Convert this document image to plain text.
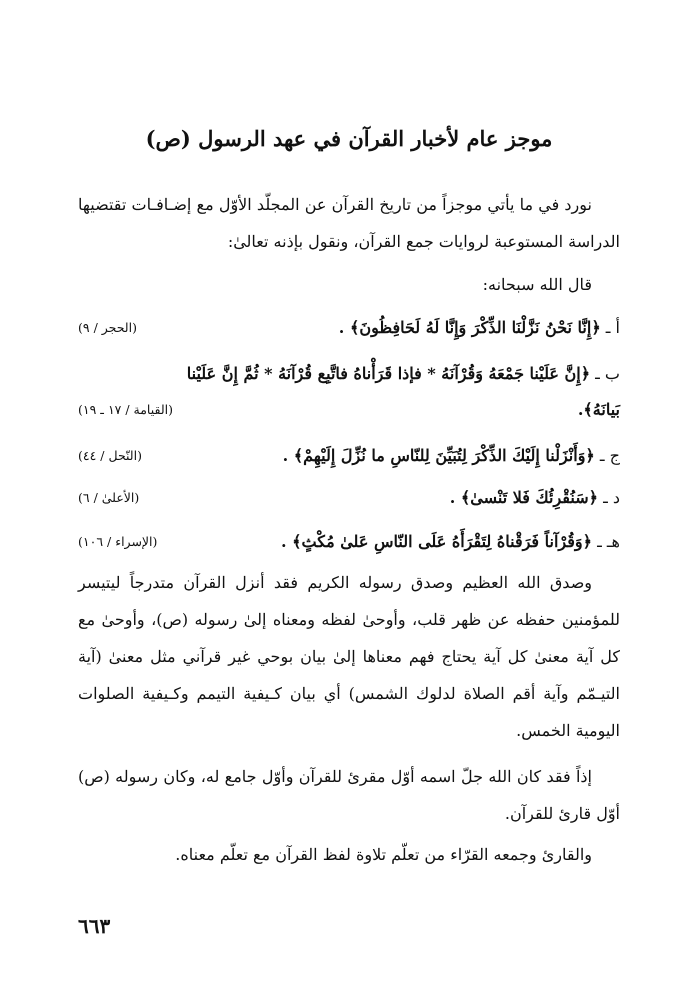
موجز عام لأخبار القرآن في عهد الرسول (ص)
نورد في ما يأتي موجزاً من تاريخ القرآن عن المجلّد الأوّل مع إضـافـات تقتضيها الدراسة المستوعبة لروايات جمع القرآن، ونقول بإذنه تعالىٰ:
قال الله سبحانه:
أ ـ ﴿إِنَّا نَحْنُ نَزَّلْنَا الذِّكْرَ وَإِنَّا لَهُ لَحَافِظُونَ﴾ .
(الحجر / ٩)
ب ـ ﴿إِنَّ عَلَيْنا جَمْعَهُ وَقُرْآنَهُ * فإذا قَرَأْناهُ فاتَّبِع قُرْآنَهُ * ثُمَّ إِنَّ عَلَيْنا
بَيانَهُ﴾.
(القيامة / ١٧ ـ ١٩)
ج ـ ﴿وَأَنْزَلْنا إِلَيْكَ الذِّكْرَ لِتُبَيِّنَ لِلنّاسِ ما نُزِّلَ إِلَيْهِمْ﴾ .
(النّحل / ٤٤)
د ـ ﴿سَنُقْرِئُكَ فَلا تَنْسىٰ﴾ .
(الأعلىٰ / ٦)
هـ ـ ﴿وَقُرْآناً فَرَقْناهُ لِتَقْرَأَهُ عَلَى النّاسِ عَلىٰ مُكْثٍ﴾ .
(الإسراء / ١٠٦)
وصدق الله العظيم وصدق رسوله الكريم فقد أنزل القرآن متدرجاً ليتيسر للمؤمنين حفظه عن ظهر قلب، وأوحىٰ لفظه ومعناه إلىٰ رسوله (ص)، وأوحىٰ مع كل آية معنىٰ كل آية يحتاج فهم معناها إلىٰ بيان بوحي غير قرآني مثل معنىٰ (آية التيـمّم وآية أقم الصلاة لدلوك الشمس) أي بيان كـيفية التيمم وكـيفية الصلوات اليومية الخمس.
إذاً فقد كان الله جلّ اسمه أوّل مقرئ للقرآن وأوّل جامع له، وكان رسوله (ص) أوّل قارئ للقرآن.
والقارئ وجمعه القرّاء من تعلّم تلاوة لفظ القرآن مع تعلّم معناه.
٦٦٣
